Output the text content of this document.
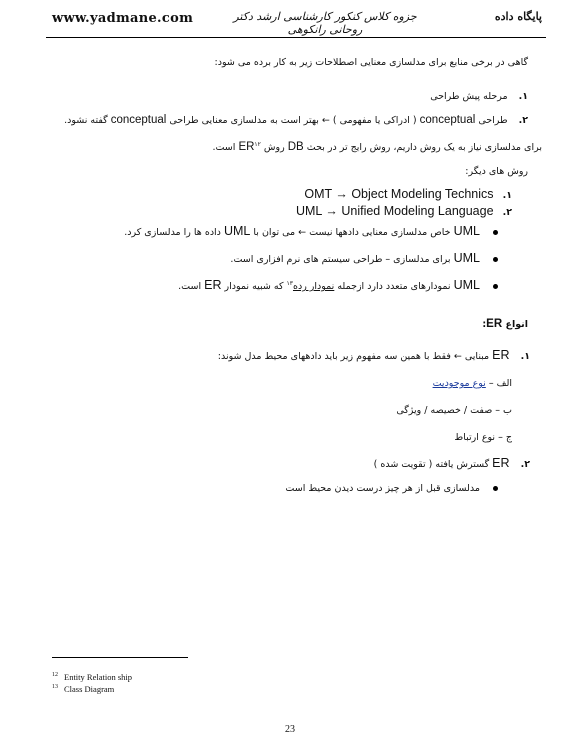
www.yadmane.com	جزوه کلاس کنکور کارشناسی ارشد دکتر روحانی رانکوهی
پایگاه داده
گاهی در برخی منابع برای مدلسازی معنایی اصطلاحات زیر به کار برده می شود:
۱. مرحله پیش طراحی
۲. طراحی conceptual ( ادراکی یا مفهومی ) ← بهتر است به مدلسازی معنایی طراحی conceptual گفته نشود.
برای مدلسازی نیاز به یک روش داریم، روش رایج تر در بحث DB روش ER$^{۱۲}$ است.
روش های دیگر:
۱. OMT → Object Modeling Technics
۲. UML → Unified Modeling Language
UML خاص مدلسازی معنایی دادهها نیست ← می توان با UML داده ها را مدلسازی کرد.
UML برای مدلسازی – طراحی سیستم های نرم افزاری است.
UML نمودارهای متعدد دارد ازجمله نمودار رده$^{۱۳}$ که شبیه نمودار ER است.
انواع ER:
۱. ER مبنایی ← فقط با همین سه مفهوم زیر باید دادههای محیط مدل شوند:
الف – نوع موجودیت
ب – صفت / خصیصه / ویژگی
ج – نوع ارتباط
۲. ER گسترش یافته ( تقویت شده )
مدلسازی قبل از هر چیز درست دیدن محیط است
$^{12}$ Entity Relation ship
$^{13}$ Class Diagram
23
